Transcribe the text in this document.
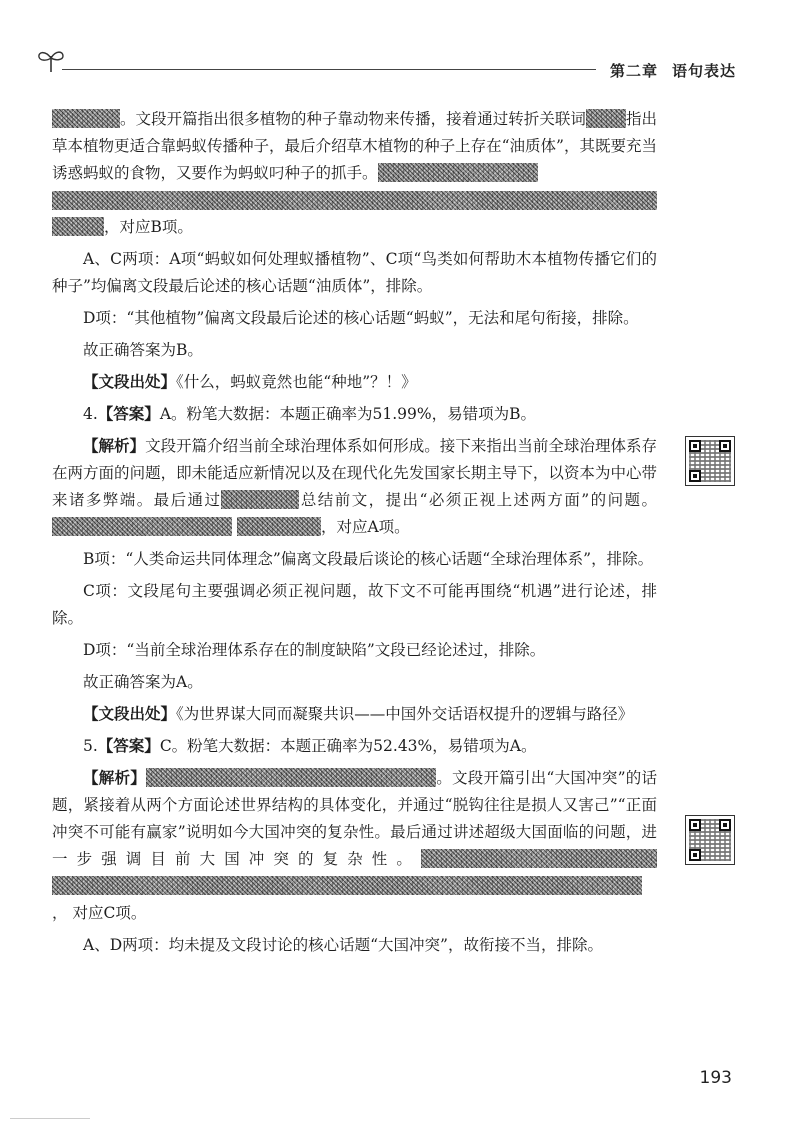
第二章 语句表达

。文段开篇指出很多植物的种子靠动物来传播，接着通过转折关联词	指出草本植物更适合靠蚂蚁传播种子，最后介绍草木植物的种子上存在“油质体”，其既要充当诱惑蚂蚁的食物，又要作为蚂蚁叼种子的抓手。
，对应B项。

A、C两项：A项“蚂蚁如何处理蚁播植物”、C项“鸟类如何帮助木本植物传播它们的种子”均偏离文段最后论述的核心话题“油质体”，排除。

D项：“其他植物”偏离文段最后论述的核心话题“蚂蚁”，无法和尾句衔接，排除。

故正确答案为B。

【文段出处】《什么，蚂蚁竟然也能“种地”？！》

4.【答案】A。粉笔大数据：本题正确率为51.99%，易错项为B。

【解析】文段开篇介绍当前全球治理体系如何形成。接下来指出当前全球治理体系存在两方面的问题，即未能适应新情况以及在现代化先发国家长期主导下，以资本为中心带来诸多弊端。最后通过	总结前文，提出“必须正视上述两方面”的问题。 ，对应A项。

B项：“人类命运共同体理念”偏离文段最后谈论的核心话题“全球治理体系”，排除。

C项：文段尾句主要强调必须正视问题，故下文不可能再围绕“机遇”进行论述，排除。

D项：“当前全球治理体系存在的制度缺陷”文段已经论述过，排除。

故正确答案为A。

【文段出处】《为世界谋大同而凝聚共识——中国外交话语权提升的逻辑与路径》

5.【答案】C。粉笔大数据：本题正确率为52.43%，易错项为A。

【解析】	。文段开篇引出“大国冲突”的话题，紧接着从两个方面论述世界结构的具体变化，并通过“脱钩往往是损人又害己”“正面冲突不可能有赢家”说明如今大国冲突的复杂性。最后通过讲述超级大国面临的问题，进一步强调目前大国冲突的复杂性。 ， 对应C项。

A、D两项：均未提及文段讨论的核心话题“大国冲突”，故衔接不当，排除。

193
